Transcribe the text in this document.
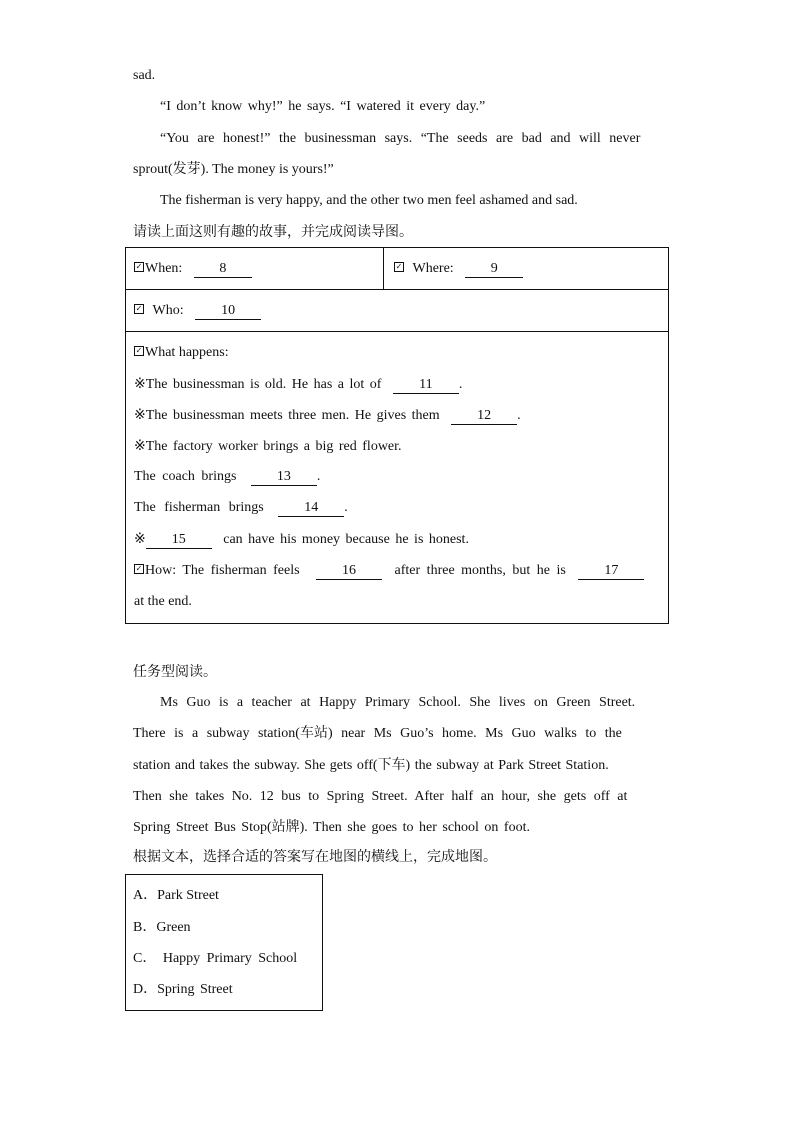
sad.
“I don’t know why!” he says. “I watered it every day.”
“You are honest!” the businessman says. “The seeds are bad and will never
sprout(发芽). The money is yours!”
The fisherman is very happy, and the other two men feel ashamed and sad.
请读上面这则有趣的故事，并完成阅读导图。
✓ When:	8	✓ Where:	9
✓ Who:	10
✓ What happens:
※The businessman is old. He has a lot of	11 .
※The businessman meets three men. He gives them	12 .
※The factory worker brings a big red flower.
The coach brings	13 .
The fisherman brings	14 .
※ 15	can have his money because he is honest.
✓ How: The fisherman feels	16	after three months, but he is	17
at the end.
任务型阅读。
Ms Guo is a teacher at Happy Primary School. She lives on Green Street.
There is a subway station(车站) near Ms Guo’s home. Ms Guo walks to the
station and takes the subway. She gets off(下车) the subway at Park Street Station.
Then she takes No. 12 bus to Spring Street. After half an hour, she gets off at
Spring Street Bus Stop(站牌). Then she goes to her school on foot.
根据文本，选择合适的答案写在地图的横线上，完成地图。
A．Park Street
B．Green
C． Happy Primary School
D．Spring Street
